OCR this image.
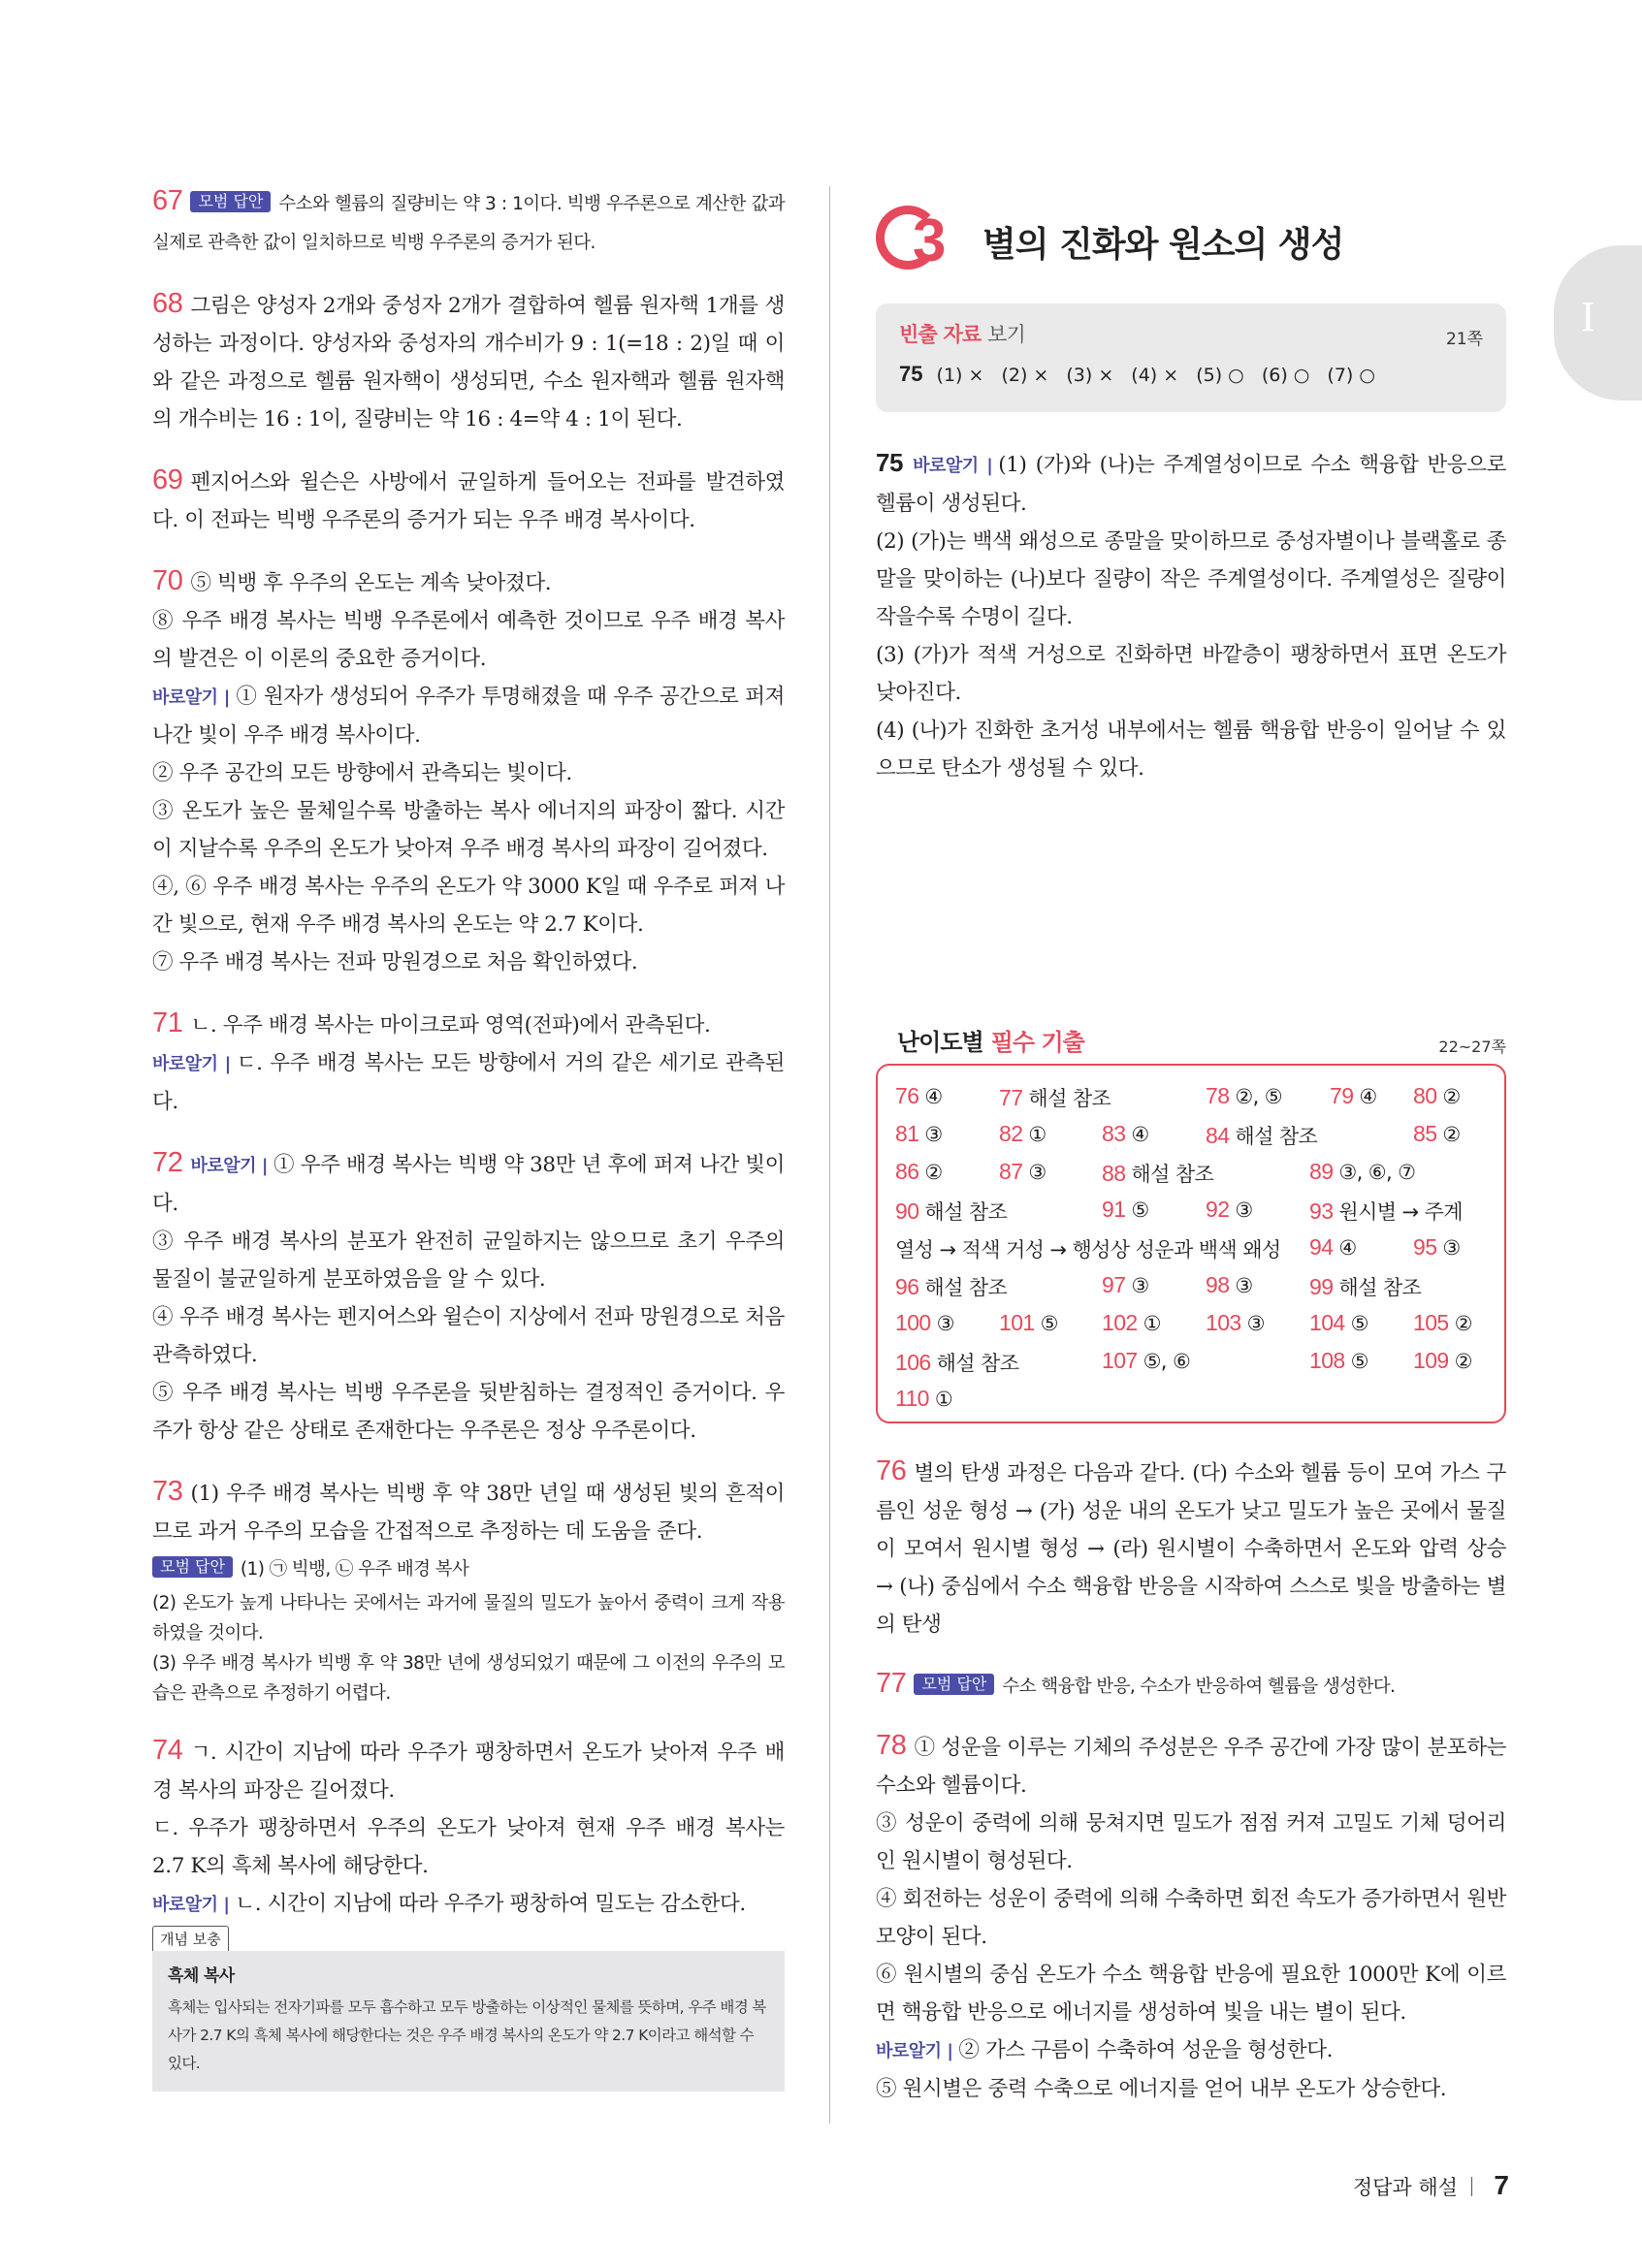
67 모범 답안 수소와 헬륨의 질량비는 약 3 : 1이다. 빅뱅 우주론으로 계산한 값과 실제로 관측한 값이 일치하므로 빅뱅 우주론의 증거가 된다.
68 그림은 양성자 2개와 중성자 2개가 결합하여 헬륨 원자핵 1개를 생성하는 과정이다. 양성자와 중성자의 개수비가 9 : 1(=18 : 2)일 때 이와 같은 과정으로 헬륨 원자핵이 생성되면, 수소 원자핵과 헬륨 원자핵의 개수비는 16 : 1이, 질량비는 약 16 : 4=약 4 : 1이 된다.
69 펜지어스와 윌슨은 사방에서 균일하게 들어오는 전파를 발견하였다. 이 전파는 빅뱅 우주론의 증거가 되는 우주 배경 복사이다.

70 ⑤ 빅뱅 후 우주의 온도는 계속 낮아졌다.

⑧ 우주 배경 복사는 빅뱅 우주론에서 예측한 것이므로 우주 배경 복사의 발견은 이 이론의 중요한 증거이다.

바로알기 | ① 원자가 생성되어 우주가 투명해졌을 때 우주 공간으로 퍼져 나간 빛이 우주 배경 복사이다.

② 우주 공간의 모든 방향에서 관측되는 빛이다.

③ 온도가 높은 물체일수록 방출하는 복사 에너지의 파장이 짧다. 시간이 지날수록 우주의 온도가 낮아져 우주 배경 복사의 파장이 길어졌다.

④, ⑥ 우주 배경 복사는 우주의 온도가 약 3000 K일 때 우주로 퍼져 나간 빛으로, 현재 우주 배경 복사의 온도는 약 2.7 K이다.

⑦ 우주 배경 복사는 전파 망원경으로 처음 확인하였다.

71 ㄴ. 우주 배경 복사는 마이크로파 영역(전파)에서 관측된다.

바로알기 | ㄷ. 우주 배경 복사는 모든 방향에서 거의 같은 세기로 관측된다.

72 바로알기 | ① 우주 배경 복사는 빅뱅 약 38만 년 후에 퍼져 나간 빛이다.

③ 우주 배경 복사의 분포가 완전히 균일하지는 않으므로 초기 우주의 물질이 불균일하게 분포하였음을 알 수 있다.

④ 우주 배경 복사는 펜지어스와 윌슨이 지상에서 전파 망원경으로 처음 관측하였다.

⑤ 우주 배경 복사는 빅뱅 우주론을 뒷받침하는 결정적인 증거이다. 우주가 항상 같은 상태로 존재한다는 우주론은 정상 우주론이다.

73 (1) 우주 배경 복사는 빅뱅 후 약 38만 년일 때 생성된 빛의 흔적이므로 과거 우주의 모습을 간접적으로 추정하는 데 도움을 준다.

모범 답안 (1) ㉠ 빅뱅, ㉡ 우주 배경 복사

(2) 온도가 높게 나타나는 곳에서는 과거에 물질의 밀도가 높아서 중력이 크게 작용하였을 것이다.

(3) 우주 배경 복사가 빅뱅 후 약 38만 년에 생성되었기 때문에 그 이전의 우주의 모습은 관측으로 추정하기 어렵다.

74 ㄱ. 시간이 지남에 따라 우주가 팽창하면서 온도가 낮아져 우주 배경 복사의 파장은 길어졌다.

ㄷ. 우주가 팽창하면서 우주의 온도가 낮아져 현재 우주 배경 복사는 2.7 K의 흑체 복사에 해당한다.

바로알기 | ㄴ. 시간이 지남에 따라 우주가 팽창하여 밀도는 감소한다.

개념 보충
흑체 복사
흑체는 입사되는 전자기파를 모두 흡수하고 모두 방출하는 이상적인 물체를 뜻하며, 우주 배경 복사가 2.7 K의 흑체 복사에 해당한다는 것은 우주 배경 복사의 온도가 약 2.7 K이라고 해석할 수 있다.
3 별의 진화와 원소의 생성
빈출 자료 보기	21쪽
75 (1) × (2) × (3) × (4) × (5) ○ (6) ○ (7) ○

75 바로알기 | (1) (가)와 (나)는 주계열성이므로 수소 핵융합 반응으로 헬륨이 생성된다.

(2) (가)는 백색 왜성으로 종말을 맞이하므로 중성자별이나 블랙홀로 종말을 맞이하는 (나)보다 질량이 작은 주계열성이다. 주계열성은 질량이 작을수록 수명이 길다.

(3) (가)가 적색 거성으로 진화하면 바깥층이 팽창하면서 표면 온도가 낮아진다.

(4) (나)가 진화한 초거성 내부에서는 헬륨 핵융합 반응이 일어날 수 있으므로 탄소가 생성될 수 있다.

난이도별 필수 기출	22~27쪽
76 ④	77 해설 참조	78 ②, ⑤ 79 ④ 80 ②
81 ③	82 ① 83 ④	84 해설 참조	85 ②
86 ②	87 ③ 88 해설 참조	89 ③, ⑥, ⑦
90 해설 참조	91 ⑤	92 ③	93 원시별 → 주계
열성 → 적색 거성 → 행성상 성운과 백색 왜성 94 ④	95 ③
96 해설 참조	97 ③	98 ③	99 해설 참조
100 ③ 101 ⑤ 102 ① 103 ③ 104 ⑤ 105 ②
106 해설 참조	107 ⑤, ⑥	108 ⑤ 109 ②
110 ①
76 별의 탄생 과정은 다음과 같다. (다) 수소와 헬륨 등이 모여 가스 구름인 성운 형성 → (가) 성운 내의 온도가 낮고 밀도가 높은 곳에서 물질이 모여서 원시별 형성 → (라) 원시별이 수축하면서 온도와 압력 상승 → (나) 중심에서 수소 핵융합 반응을 시작하여 스스로 빛을 방출하는 별의 탄생
77 모범 답안 수소 핵융합 반응, 수소가 반응하여 헬륨을 생성한다.

78 ① 성운을 이루는 기체의 주성분은 우주 공간에 가장 많이 분포하는 수소와 헬륨이다.

③ 성운이 중력에 의해 뭉쳐지면 밀도가 점점 커져 고밀도 기체 덩어리인 원시별이 형성된다.

④ 회전하는 성운이 중력에 의해 수축하면 회전 속도가 증가하면서 원반 모양이 된다.

⑥ 원시별의 중심 온도가 수소 핵융합 반응에 필요한 1000만 K에 이르면 핵융합 반응으로 에너지를 생성하여 빛을 내는 별이 된다.

바로알기 | ② 가스 구름이 수축하여 성운을 형성한다.

⑤ 원시별은 중력 수축으로 에너지를 얻어 내부 온도가 상승한다.

I
정답과 해설 7
